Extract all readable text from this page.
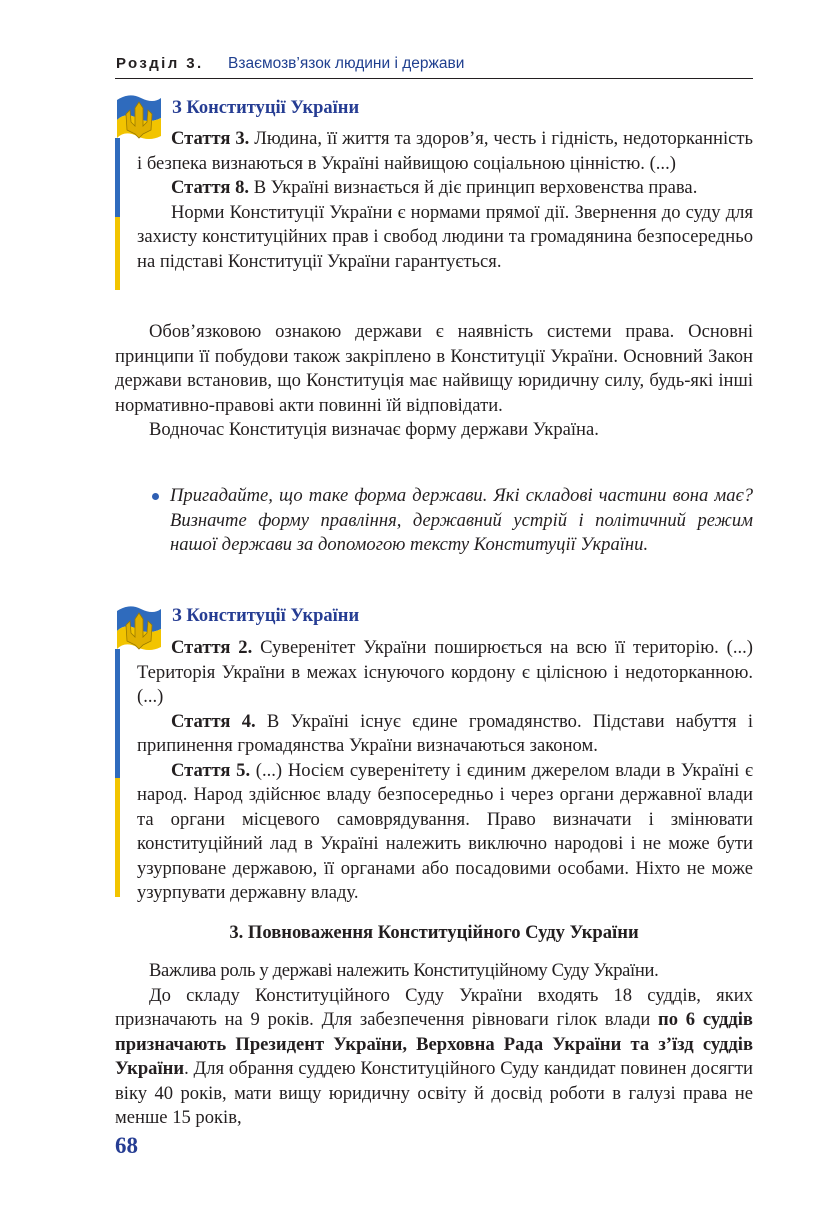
Розділ 3. Взаємозв’язок людини і держави
З Конституції України

Стаття 3. Людина, її життя та здоров’я, честь і гідність, недоторканність і безпека визнаються в Україні найвищою соціальною цінністю. (...)

Стаття 8. В Україні визнається й діє принцип верховенства права.

Норми Конституції України є нормами прямої дії. Звернення до суду для захисту конституційних прав і свобод людини та громадянина безпосередньо на підставі Конституції України гарантується.

Обов’язковою ознакою держави є наявність системи права. Основні принципи її побудови також закріплено в Конституції України. Основний Закон держави встановив, що Конституція має найвищу юридичну силу, будь-які інші нормативно-правові акти повинні їй відповідати.

Водночас Конституція визначає форму держави Україна.

Пригадайте, що таке форма держави. Які складові частини вона має? Визначте форму правління, державний устрій і політичний режим нашої держави за допомогою тексту Конституції України.
З Конституції України

Стаття 2. Суверенітет України поширюється на всю її територію. (...) Територія України в межах існуючого кордону є цілісною і недоторканною. (...)

Стаття 4. В Україні існує єдине громадянство. Підстави набуття і припинення громадянства України визначаються законом.

Стаття 5. (...) Носієм суверенітету і єдиним джерелом влади в Україні є народ. Народ здійснює владу безпосередньо і через органи державної влади та органи місцевого самоврядування. Право визначати і змінювати конституційний лад в Україні належить виключно народові і не може бути узурповане державою, її органами або посадовими особами. Ніхто не може узурпувати державну владу.

3. Повноваження Конституційного Суду України

Важлива роль у державі належить Конституційному Суду України.

До складу Конституційного Суду України входять 18 суддів, яких призначають на 9 років. Для забезпечення рівноваги гілок влади по 6 суддів призначають Президент України, Верховна Рада України та з’їзд суддів України. Для обрання суддею Конституційного Суду кандидат повинен досягти віку 40 років, мати вищу юридичну освіту й досвід роботи в галузі права не менше 15 років,

68
